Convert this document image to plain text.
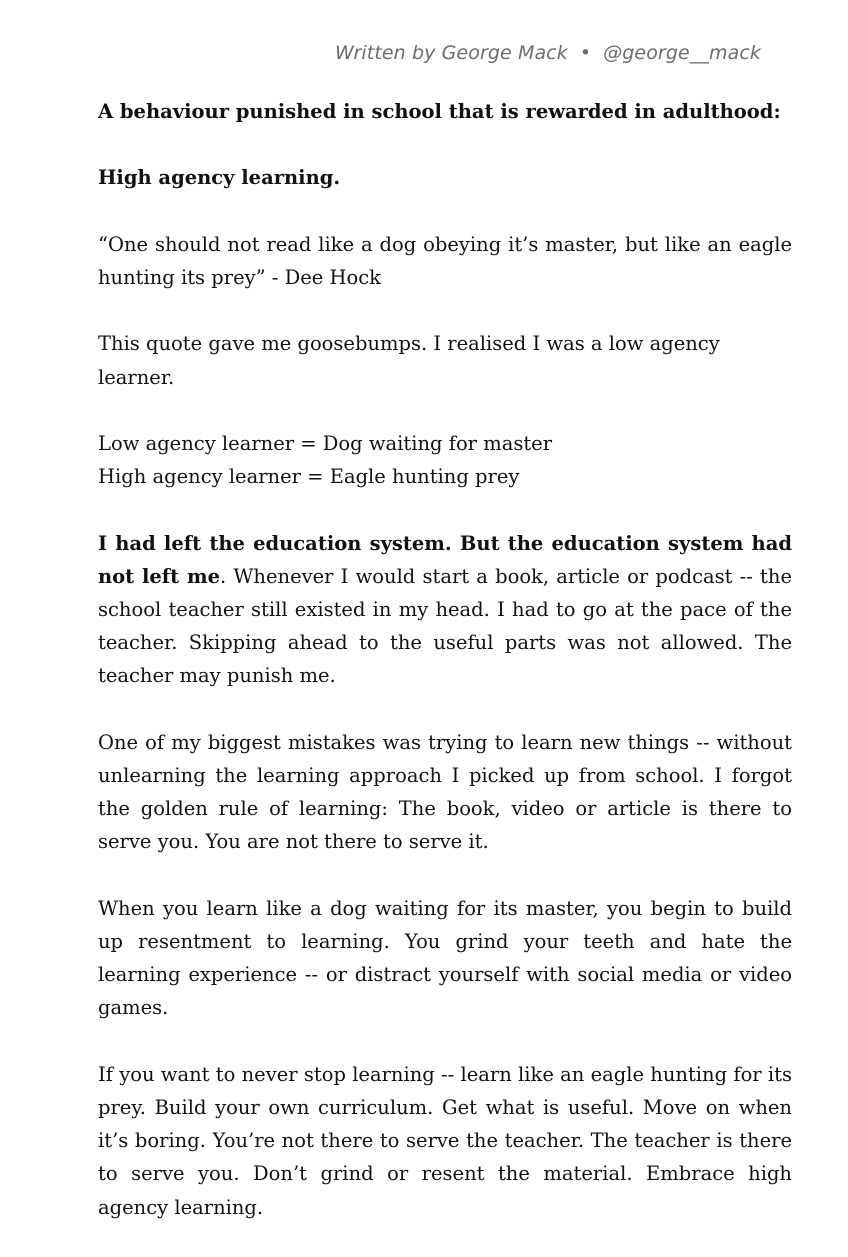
Written by George Mack • @george__mack

A behaviour punished in school that is rewarded in adulthood:

High agency learning.

“One should not read like a dog obeying it’s master, but like an eagle hunting its prey” - Dee Hock

This quote gave me goosebumps. I realised I was a low agency learner.

Low agency learner = Dog waiting for master
High agency learner = Eagle hunting prey

I had left the education system. But the education system had not left me. Whenever I would start a book, article or podcast -- the school teacher still existed in my head. I had to go at the pace of the teacher. Skipping ahead to the useful parts was not allowed. The teacher may punish me.

One of my biggest mistakes was trying to learn new things -- without unlearning the learning approach I picked up from school. I forgot the golden rule of learning: The book, video or article is there to serve you. You are not there to serve it.

When you learn like a dog waiting for its master, you begin to build up resentment to learning. You grind your teeth and hate the learning experience -- or distract yourself with social media or video games.

If you want to never stop learning -- learn like an eagle hunting for its prey. Build your own curriculum. Get what is useful. Move on when it’s boring. You’re not there to serve the teacher. The teacher is there to serve you. Don’t grind or resent the material. Embrace high agency learning.
